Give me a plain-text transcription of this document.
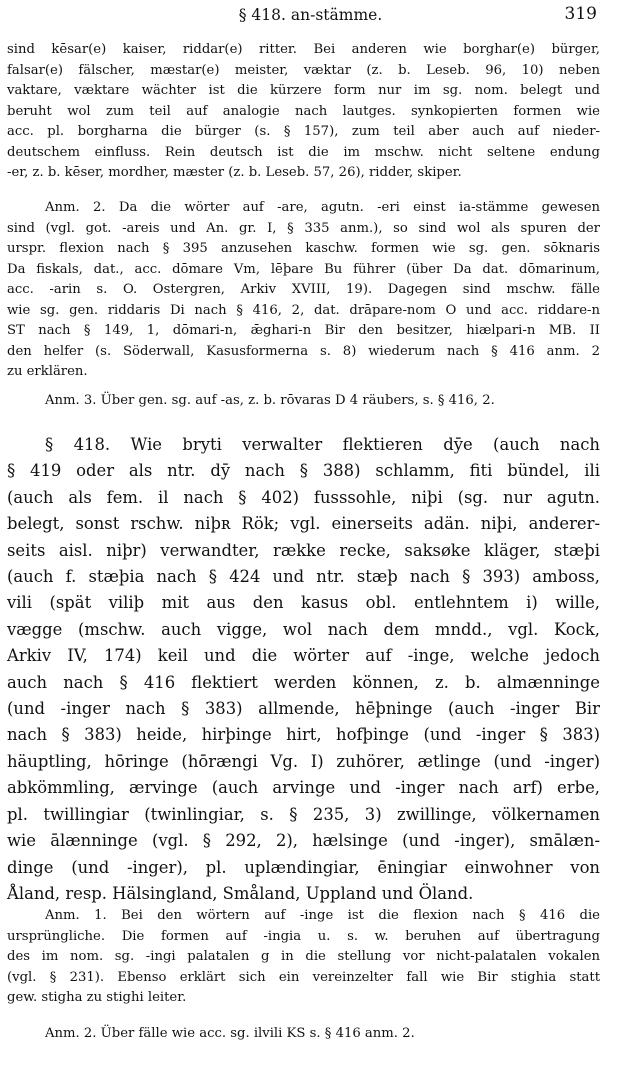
§ 418. an-stämme.	319
sind kēsar(e) kaiser, riddar(e) ritter. Bei anderen wie borghar(e) bürger,
falsar(e) fälscher, mæstar(e) meister, væktar (z. b. Leseb. 96, 10) neben
vaktare, væktare wächter ist die kürzere form nur im sg. nom. belegt und
beruht wol zum teil auf analogie nach lautges. synkopierten formen wie
acc. pl. borgharna die bürger (s. § 157), zum teil aber auch auf nieder-
deutschem einfluss. Rein deutsch ist die im mschw. nicht seltene endung
-er, z. b. kēser, mordher, mæster (z. b. Leseb. 57, 26), ridder, skiper.
Anm. 2. Da die wörter auf -are, agutn. -eri einst ia-stämme gewesen
sind (vgl. got. -areis und An. gr. I, § 335 anm.), so sind wol als spuren der
urspr. flexion nach § 395 anzusehen kaschw. formen wie sg. gen. sōknaris
Da fiskals, dat., acc. dōmare Vm, lēþare Bu führer (über Da dat. dōmarinum,
acc. -arin s. O. Ostergren, Arkiv XVIII, 19). Dagegen sind mschw. fälle
wie sg. gen. riddaris Di nach § 416, 2, dat. drāpare-nom O und acc. riddare-n
ST nach § 149, 1, dōmari-n, ǣghari-n Bir den besitzer, hiælpari-n MB. II
den helfer (s. Söderwall, Kasusformerna s. 8) wiederum nach § 416 anm. 2
zu erklären.
Anm. 3. Über gen. sg. auf -as, z. b. rōvaras D 4 räubers, s. § 416, 2.
§ 418. Wie bryti verwalter flektieren dȳe (auch nach
§ 419 oder als ntr. dȳ nach § 388) schlamm, fiti bündel, ili
(auch als fem. il nach § 402) fusssohle, niþi (sg. nur agutn.
belegt, sonst rschw. niþʀ Rök; vgl. einerseits adän. niþi, anderer-
seits aisl. niþr) verwandter, række recke, saksøke kläger, stæþi
(auch f. stæþia nach § 424 und ntr. stæþ nach § 393) amboss,
vili (spät viliþ mit aus den kasus obl. entlehntem i) wille,
vægge (mschw. auch vigge, wol nach dem mndd., vgl. Kock,
Arkiv IV, 174) keil und die wörter auf -inge, welche jedoch
auch nach § 416 flektiert werden können, z. b. almænninge
(und -inger nach § 383) allmende, hēþninge (auch -inger Bir
nach § 383) heide, hirþinge hirt, hofþinge (und -inger § 383)
häuptling, hōringe (hōrængi Vg. I) zuhörer, ætlinge (und -inger)
abkömmling, ærvinge (auch arvinge und -inger nach arf) erbe,
pl. twillingiar (twinlingiar, s. § 235, 3) zwillinge, völkernamen
wie ālænninge (vgl. § 292, 2), hælsinge (und -inger), smālæn-
dinge (und -inger), pl. uplændingiar, ēningiar einwohner von
Åland, resp. Hälsingland, Småland, Uppland und Öland.
Anm. 1. Bei den wörtern auf -inge ist die flexion nach § 416 die
ursprüngliche. Die formen auf -ingia u. s. w. beruhen auf übertragung
des im nom. sg. -ingi palatalen g in die stellung vor nicht-palatalen vokalen
(vgl. § 231). Ebenso erklärt sich ein vereinzelter fall wie Bir stighia statt
gew. stigha zu stighi leiter.
Anm. 2. Über fälle wie acc. sg. ilvili KS s. § 416 anm. 2.
